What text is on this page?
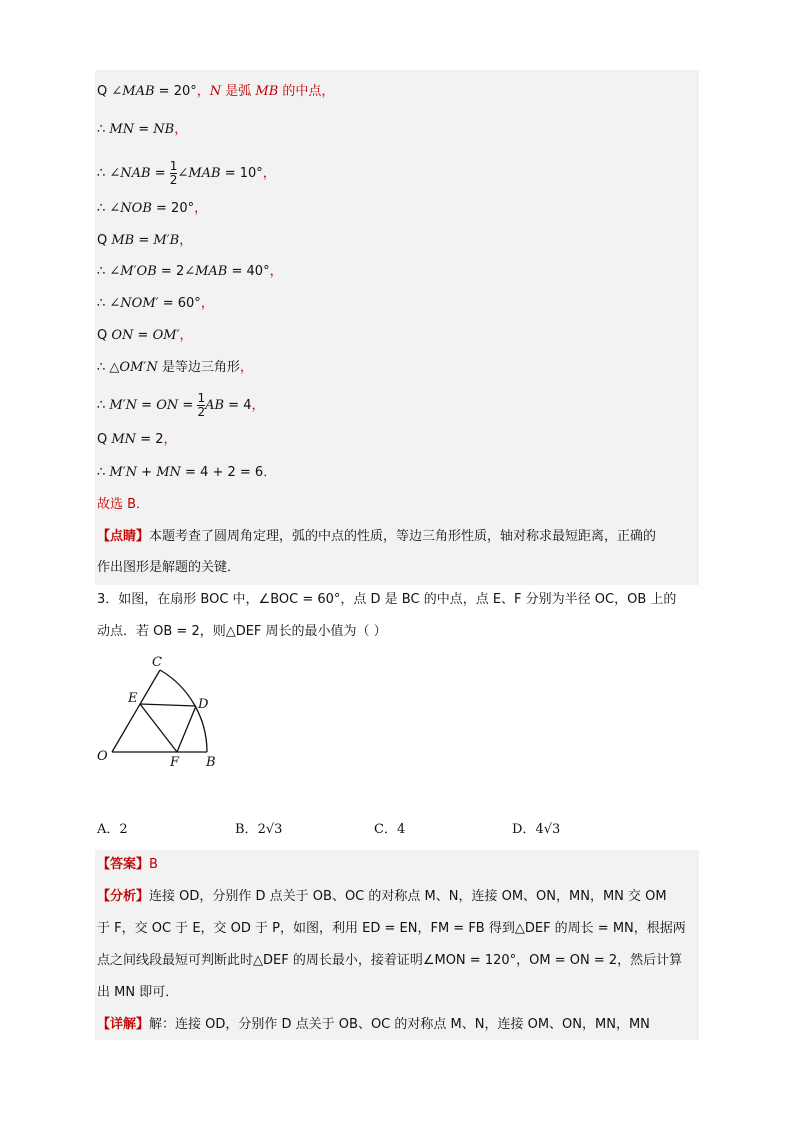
Q ∠MAB = 20°，N 是弧 MB 的中点，
∴ MN = NB，
∴ ∠NAB = $\frac{1}{2}$ ∠MAB = 10°，
∴ ∠NOB = 20°，
Q MB = M′B，
∴ ∠M′OB = 2∠MAB = 40°，
∴ ∠NOM′ = 60°，
Q ON = OM′，
∴ △OM′N 是等边三角形，
∴ M′N = ON = $\frac{1}{2}$ AB = 4，
Q MN = 2，
∴ M′N + MN = 4 + 2 = 6．
故选 B．
【点睛】本题考查了圆周角定理，弧的中点的性质，等边三角形性质，轴对称求最短距离，正确的
作出图形是解题的关键．
3．如图，在扇形 BOC 中，∠BOC = 60°，点 D 是 BC 的中点，点 E、F 分别为半径 OC，OB 上的
动点．若 OB = 2，则△DEF 周长的最小值为（ ）
C
E	D
O	F B
A．2	B．2√3	C．4	D．4√3
【答案】B
【分析】连接 OD，分别作 D 点关于 OB、OC 的对称点 M、N，连接 OM、ON，MN，MN 交 OM
于 F，交 OC 于 E，交 OD 于 P，如图，利用 ED = EN，FM = FB 得到△DEF 的周长 = MN，根据两
点之间线段最短可判断此时△DEF 的周长最小，接着证明∠MON = 120°，OM = ON = 2，然后计算
出 MN 即可．
【详解】解：连接 OD，分别作 D 点关于 OB、OC 的对称点 M、N，连接 OM、ON，MN，MN
